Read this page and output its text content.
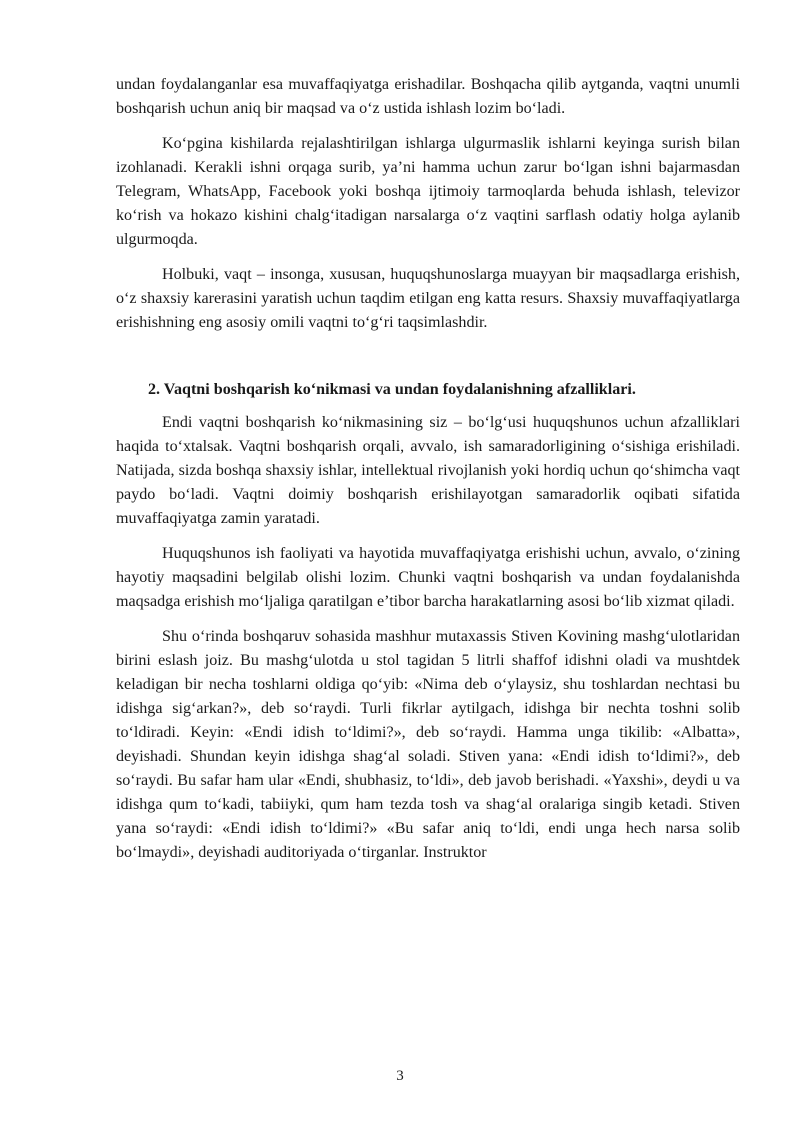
undan foydalanganlar esa muvaffaqiyatga erishadilar. Boshqacha qilib aytganda, vaqtni unumli boshqarish uchun aniq bir maqsad va o‘z ustida ishlash lozim bo‘ladi.

Ko‘pgina kishilarda rejalashtirilgan ishlarga ulgurmaslik ishlarni keyinga surish bilan izohlanadi. Kerakli ishni orqaga surib, ya’ni hamma uchun zarur bo‘lgan ishni bajarmasdan Telegram, WhatsApp, Facebook yoki boshqa ijtimoiy tarmoqlarda behuda ishlash, televizor ko‘rish va hokazo kishini chalg‘itadigan narsalarga o‘z vaqtini sarflash odatiy holga aylanib ulgurmoqda.

Holbuki, vaqt – insonga, xususan, huquqshunoslarga muayyan bir maqsadlarga erishish, o‘z shaxsiy karerasini yaratish uchun taqdim etilgan eng katta resurs. Shaxsiy muvaffaqiyatlarga erishishning eng asosiy omili vaqtni to‘g‘ri taqsimlashdir.

2. Vaqtni boshqarish ko‘nikmasi va undan foydalanishning afzalliklari.

Endi vaqtni boshqarish ko‘nikmasining siz – bo‘lg‘usi huquqshunos uchun afzalliklari haqida to‘xtalsak. Vaqtni boshqarish orqali, avvalo, ish samaradorligining o‘sishiga erishiladi. Natijada, sizda boshqa shaxsiy ishlar, intellektual rivojlanish yoki hordiq uchun qo‘shimcha vaqt paydo bo‘ladi. Vaqtni doimiy boshqarish erishilayotgan samaradorlik oqibati sifatida muvaffaqiyatga zamin yaratadi.

Huquqshunos ish faoliyati va hayotida muvaffaqiyatga erishishi uchun, avvalo, o‘zining hayotiy maqsadini belgilab olishi lozim. Chunki vaqtni boshqarish va undan foydalanishda maqsadga erishish mo‘ljaliga qaratilgan e’tibor barcha harakatlarning asosi bo‘lib xizmat qiladi.

Shu o‘rinda boshqaruv sohasida mashhur mutaxassis Stiven Kovining mashg‘ulotlaridan birini eslash joiz. Bu mashg‘ulotda u stol tagidan 5 litrli shaffof idishni oladi va mushtdek keladigan bir necha toshlarni oldiga qo‘yib: «Nima deb o‘ylaysiz, shu toshlardan nechtasi bu idishga sig‘arkan?», deb so‘raydi. Turli fikrlar aytilgach, idishga bir nechta toshni solib to‘ldiradi. Keyin: «Endi idish to‘ldimi?», deb so‘raydi. Hamma unga tikilib: «Albatta», deyishadi. Shundan keyin idishga shag‘al soladi. Stiven yana: «Endi idish to‘ldimi?», deb so‘raydi. Bu safar ham ular «Endi, shubhasiz, to‘ldi», deb javob berishadi. «Yaxshi», deydi u va idishga qum to‘kadi, tabiiyki, qum ham tezda tosh va shag‘al oralariga singib ketadi. Stiven yana so‘raydi: «Endi idish to‘ldimi?» «Bu safar aniq to‘ldi, endi unga hech narsa solib bo‘lmaydi», deyishadi auditoriyada o‘tirganlar. Instruktor

3
